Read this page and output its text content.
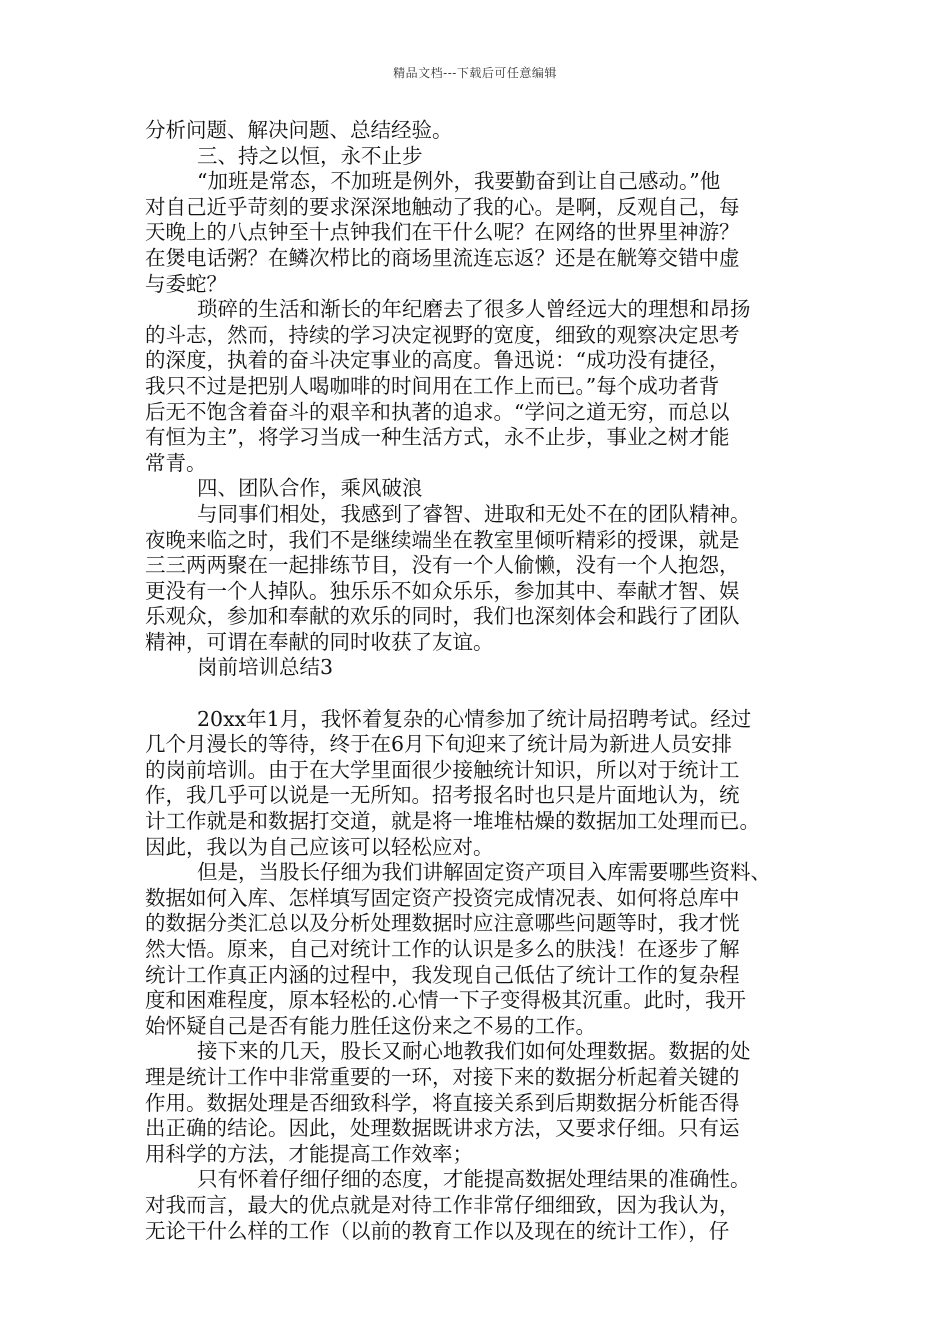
精品文档---下载后可任意编辑
分析问题、解决问题、总结经验。
三、持之以恒，永不止步
“加班是常态，不加班是例外，我要勤奋到让自己感动。”他
对自己近乎苛刻的要求深深地触动了我的心。是啊，反观自己，每
天晚上的八点钟至十点钟我们在干什么呢？在网络的世界里神游？
在煲电话粥？在鳞次栉比的商场里流连忘返？还是在觥筹交错中虚
与委蛇？
琐碎的生活和渐长的年纪磨去了很多人曾经远大的理想和昂扬
的斗志，然而，持续的学习决定视野的宽度，细致的观察决定思考
的深度，执着的奋斗决定事业的高度。鲁迅说：“成功没有捷径，
我只不过是把别人喝咖啡的时间用在工作上而已。”每个成功者背
后无不饱含着奋斗的艰辛和执著的追求。“学问之道无穷，而总以
有恒为主”，将学习当成一种生活方式，永不止步，事业之树才能
常青。
四、团队合作，乘风破浪
与同事们相处，我感到了睿智、进取和无处不在的团队精神。
夜晚来临之时，我们不是继续端坐在教室里倾听精彩的授课，就是
三三两两聚在一起排练节目，没有一个人偷懒，没有一个人抱怨，
更没有一个人掉队。独乐乐不如众乐乐，参加其中、奉献才智、娱
乐观众，参加和奉献的欢乐的同时，我们也深刻体会和践行了团队
精神，可谓在奉献的同时收获了友谊。
岗前培训总结3
20xx年1月，我怀着复杂的心情参加了统计局招聘考试。经过
几个月漫长的等待，终于在6月下旬迎来了统计局为新进人员安排
的岗前培训。由于在大学里面很少接触统计知识，所以对于统计工
作，我几乎可以说是一无所知。招考报名时也只是片面地认为，统
计工作就是和数据打交道，就是将一堆堆枯燥的数据加工处理而已。
因此，我以为自己应该可以轻松应对。
但是，当股长仔细为我们讲解固定资产项目入库需要哪些资料、
数据如何入库、怎样填写固定资产投资完成情况表、如何将总库中
的数据分类汇总以及分析处理数据时应注意哪些问题等时，我才恍
然大悟。原来，自己对统计工作的认识是多么的肤浅！在逐步了解
统计工作真正内涵的过程中，我发现自己低估了统计工作的复杂程
度和困难程度，原本轻松的.心情一下子变得极其沉重。此时，我开
始怀疑自己是否有能力胜任这份来之不易的工作。
接下来的几天，股长又耐心地教我们如何处理数据。数据的处
理是统计工作中非常重要的一环，对接下来的数据分析起着关键的
作用。数据处理是否细致科学，将直接关系到后期数据分析能否得
出正确的结论。因此，处理数据既讲求方法，又要求仔细。只有运
用科学的方法，才能提高工作效率；
只有怀着仔细仔细的态度，才能提高数据处理结果的准确性。
对我而言，最大的优点就是对待工作非常仔细细致，因为我认为，
无论干什么样的工作（以前的教育工作以及现在的统计工作），仔
